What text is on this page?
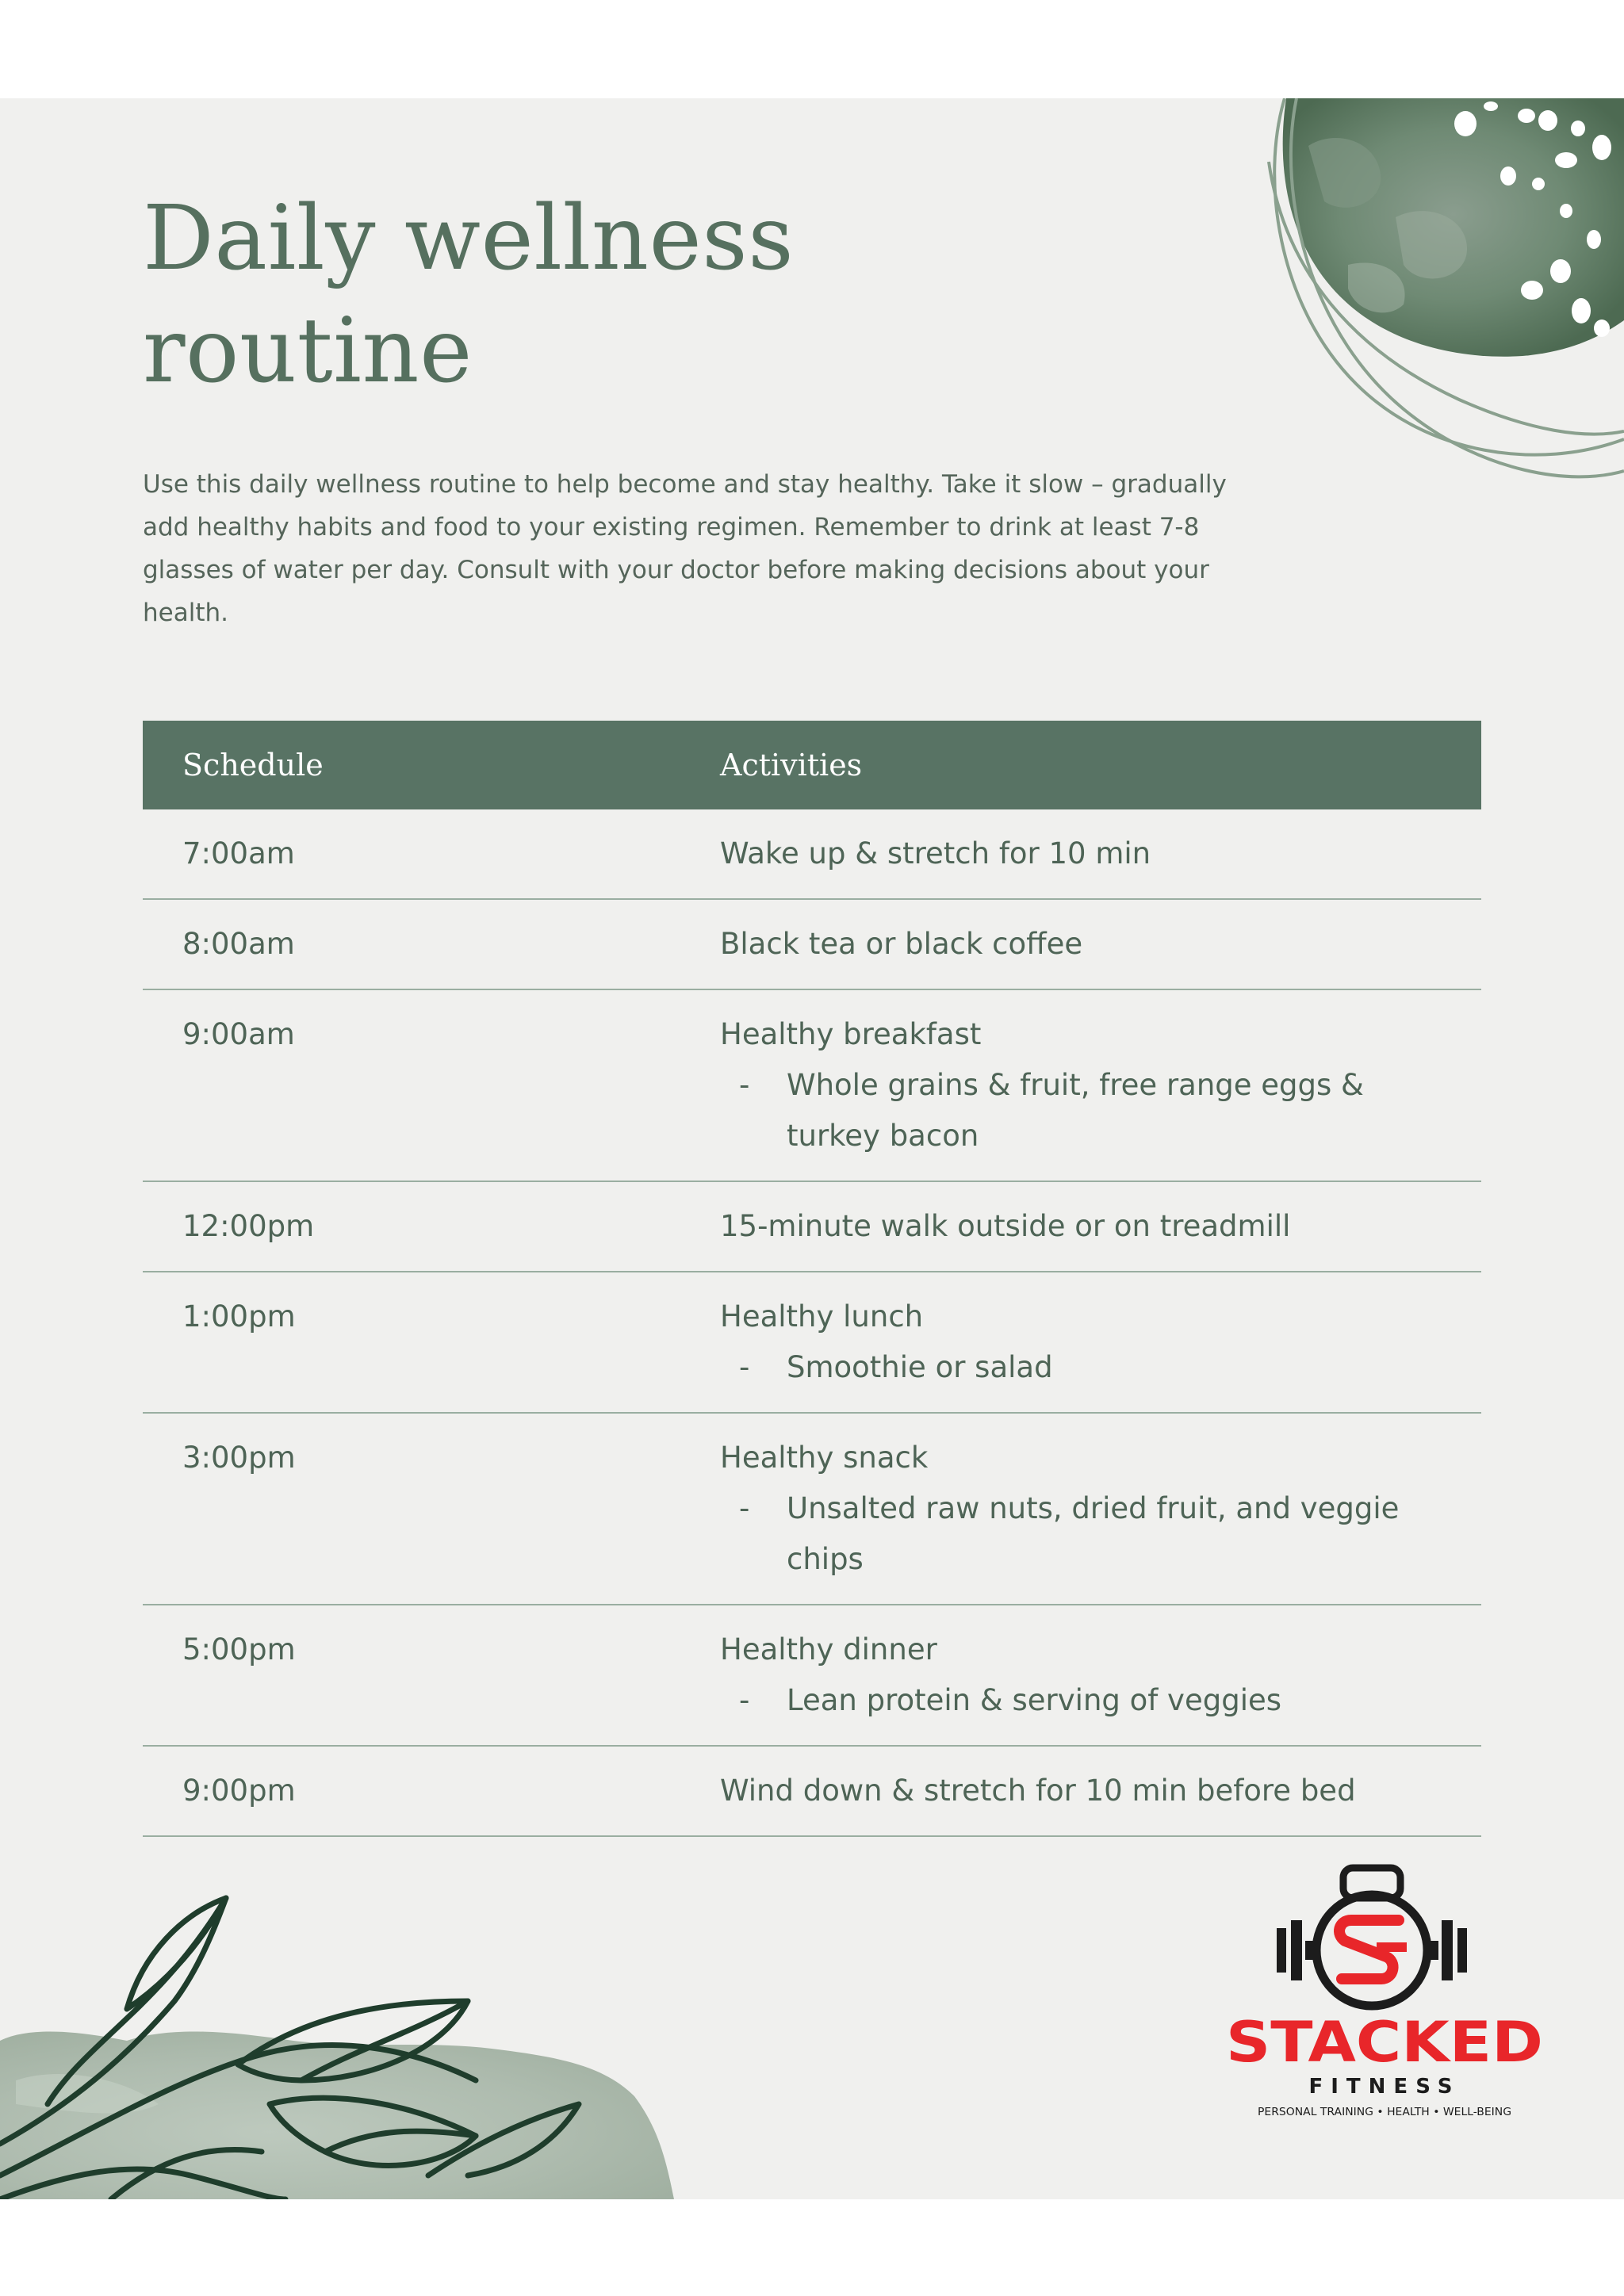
Daily wellness routine

Use this daily wellness routine to help become and stay healthy. Take it slow – gradually add healthy habits and food to your existing regimen. Remember to drink at least 7-8 glasses of water per day. Consult with your doctor before making decisions about your health.

Schedule	Activities
7:00am	Wake up & stretch for 10 min
8:00am	Black tea or black coffee
9:00am	Healthy breakfast
-	Whole grains & fruit, free range eggs & turkey bacon
12:00pm	15-minute walk outside or on treadmill
1:00pm	Healthy lunch
-	Smoothie or salad
3:00pm	Healthy snack
-	Unsalted raw nuts, dried fruit, and veggie chips
5:00pm	Healthy dinner
-	Lean protein & serving of veggies
9:00pm	Wind down & stretch for 10 min before bed
STACKED
FITNESS
PERSONAL TRAINING • HEALTH • WELL-BEING
